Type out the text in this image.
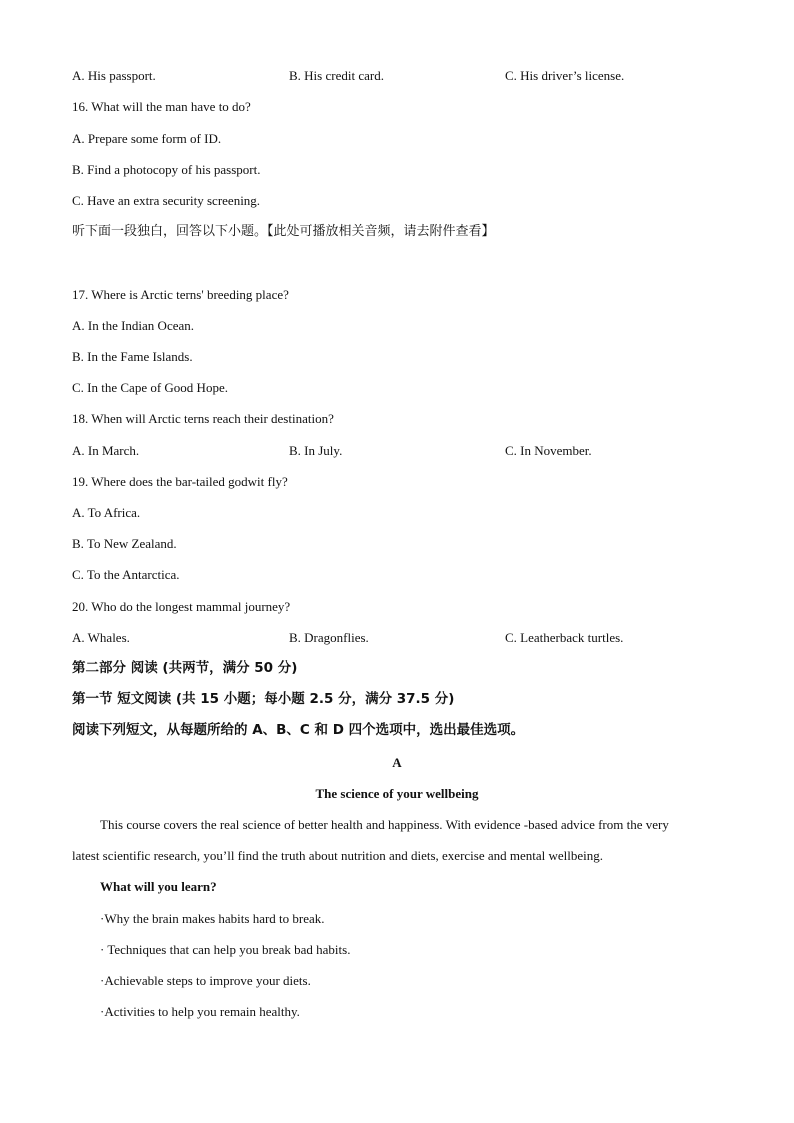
A. His passport.	B. His credit card.	C. His driver’s license.
16. What will the man have to do?
A. Prepare some form of ID.
B. Find a photocopy of his passport.
C. Have an extra security screening.
听下面一段独白，回答以下小题。【此处可播放相关音频，请去附件查看】
17. Where is Arctic terns' breeding place?
A. In the Indian Ocean.
B. In the Fame Islands.
C. In the Cape of Good Hope.
18. When will Arctic terns reach their destination?
A. In March.	B. In July.	C. In November.
19. Where does the bar-tailed godwit fly?
A. To Africa.
B. To New Zealand.
C. To the Antarctica.
20. Who do the longest mammal journey?
A. Whales.	B. Dragonflies.	C. Leatherback turtles.
第二部分 阅读 (共两节，满分 50 分)
第一节 短文阅读 (共 15 小题；每小题 2.5 分，满分 37.5 分)
阅读下列短文，从每题所给的 A、B、C 和 D 四个选项中，选出最佳选项。
A
The science of your wellbeing
This course covers the real science of better health and happiness. With evidence -based advice from the very
latest scientific research, you’ll find the truth about nutrition and diets, exercise and mental wellbeing.
What will you learn?
·Why the brain makes habits hard to break.
· Techniques that can help you break bad habits.
·Achievable steps to improve your diets.
·Activities to help you remain healthy.
